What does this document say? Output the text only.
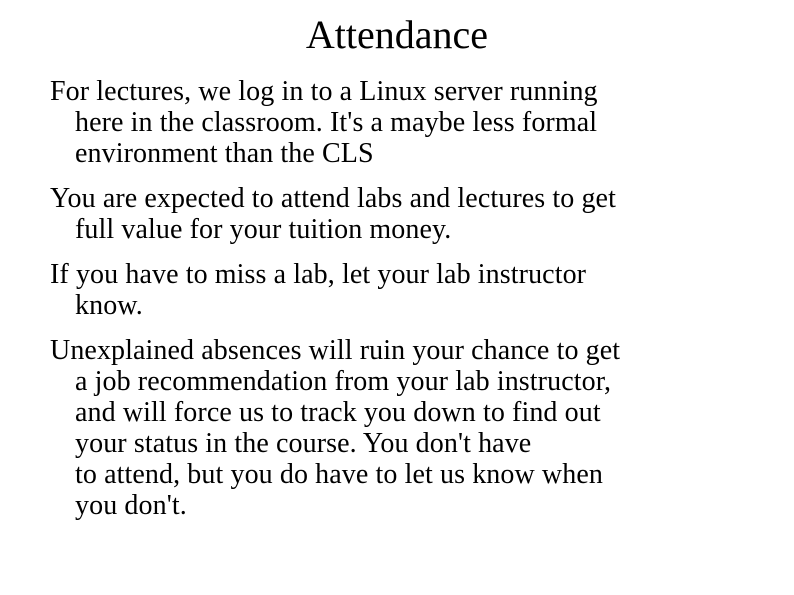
Attendance
For lectures, we log in to a Linux server running
here in the classroom. It's a maybe less formal
environment than the CLS
You are expected to attend labs and lectures to get
full value for your tuition money.
If you have to miss a lab, let your lab instructor
know.
Unexplained absences will ruin your chance to get
a job recommendation from your lab instructor,
and will force us to track you down to find out
your status in the course. You don't have
to attend, but you do have to let us know when
you don't.
